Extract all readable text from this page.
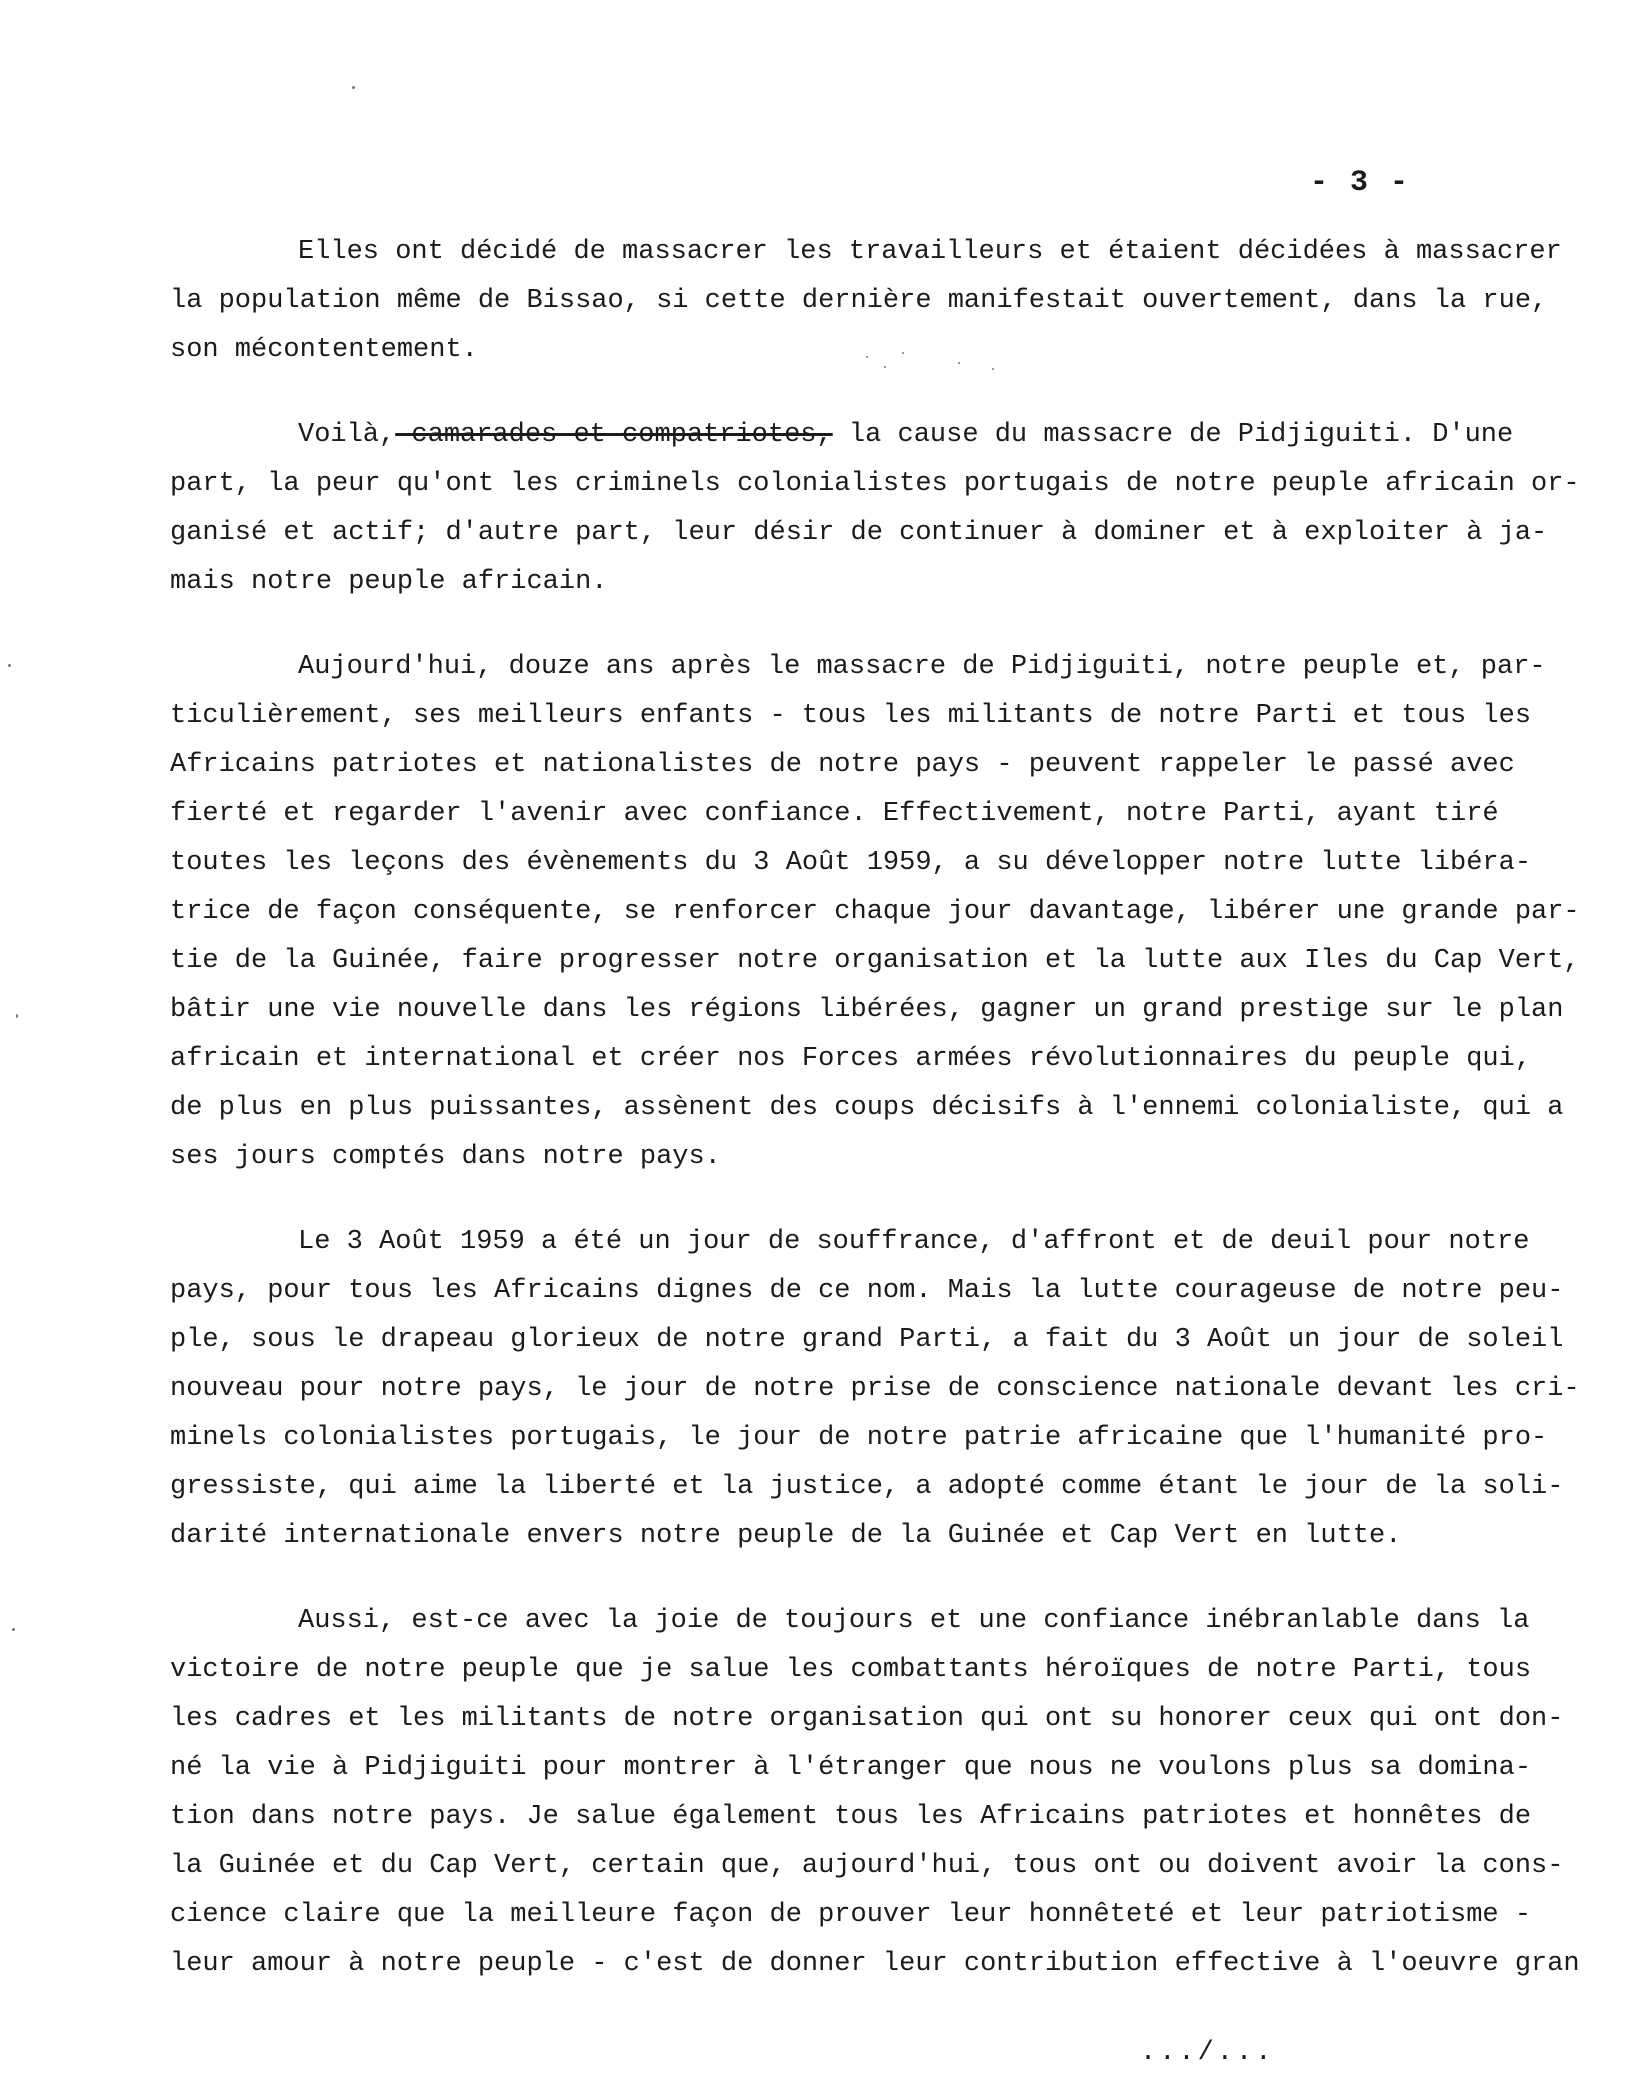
- 3 -
Elles ont décidé de massacrer les travailleurs et étaient décidées à massacrer
la population même de Bissao, si cette dernière manifestait ouvertement, dans la rue,
son mécontentement.
Voilà, camarades et compatriotes, la cause du massacre de Pidjiguiti. D'une
part, la peur qu'ont les criminels colonialistes portugais de notre peuple africain or-
ganisé et actif; d'autre part, leur désir de continuer à dominer et à exploiter à ja-
mais notre peuple africain.
Aujourd'hui, douze ans après le massacre de Pidjiguiti, notre peuple et, par-
ticulièrement, ses meilleurs enfants - tous les militants de notre Parti et tous les
Africains patriotes et nationalistes de notre pays - peuvent rappeler le passé avec
fierté et regarder l'avenir avec confiance. Effectivement, notre Parti, ayant tiré
toutes les leçons des évènements du 3 Août 1959, a su développer notre lutte libéra-
trice de façon conséquente, se renforcer chaque jour davantage, libérer une grande par-
tie de la Guinée, faire progresser notre organisation et la lutte aux Iles du Cap Vert,
bâtir une vie nouvelle dans les régions libérées, gagner un grand prestige sur le plan
africain et international et créer nos Forces armées révolutionnaires du peuple qui,
de plus en plus puissantes, assènent des coups décisifs à l'ennemi colonialiste, qui a
ses jours comptés dans notre pays.
Le 3 Août 1959 a été un jour de souffrance, d'affront et de deuil pour notre
pays, pour tous les Africains dignes de ce nom. Mais la lutte courageuse de notre peu-
ple, sous le drapeau glorieux de notre grand Parti, a fait du 3 Août un jour de soleil
nouveau pour notre pays, le jour de notre prise de conscience nationale devant les cri-
minels colonialistes portugais, le jour de notre patrie africaine que l'humanité pro-
gressiste, qui aime la liberté et la justice, a adopté comme étant le jour de la soli-
darité internationale envers notre peuple de la Guinée et Cap Vert en lutte.
Aussi, est-ce avec la joie de toujours et une confiance inébranlable dans la
victoire de notre peuple que je salue les combattants héroïques de notre Parti, tous
les cadres et les militants de notre organisation qui ont su honorer ceux qui ont don-
né la vie à Pidjiguiti pour montrer à l'étranger que nous ne voulons plus sa domina-
tion dans notre pays. Je salue également tous les Africains patriotes et honnêtes de
la Guinée et du Cap Vert, certain que, aujourd'hui, tous ont ou doivent avoir la cons-
cience claire que la meilleure façon de prouver leur honnêteté et leur patriotisme -
leur amour à notre peuple - c'est de donner leur contribution effective à l'oeuvre gran
.../...
